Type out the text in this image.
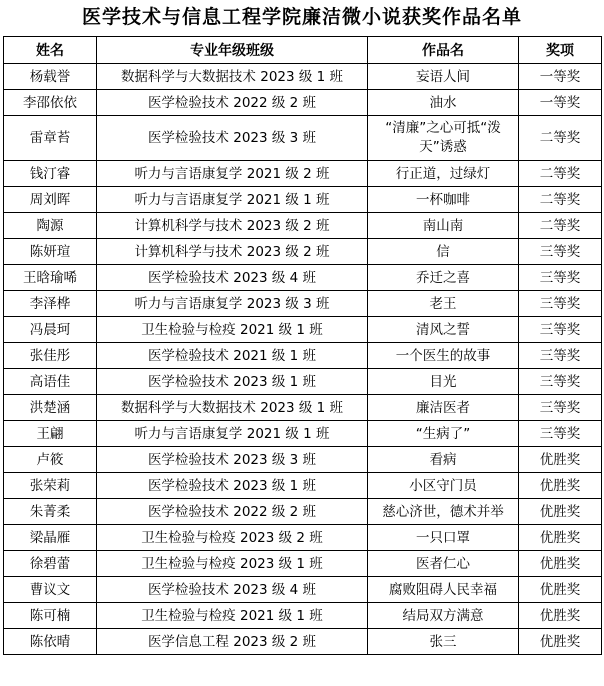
医学技术与信息工程学院廉洁微小说获奖作品名单
姓名	专业年级班级	作品名	奖项
杨载誉	数据科学与大数据技术 2023 级 1 班	妄语人间	一等奖
李邵依依	医学检验技术 2022 级 2 班	油水	一等奖
雷章苔	医学检验技术 2023 级 3 班	“清廉”之心可抵“泼天”诱惑	二等奖
钱汀睿	听力与言语康复学 2021 级 2 班	行正道，过绿灯	二等奖
周刘晖	听力与言语康复学 2021 级 1 班	一杯咖啡	二等奖
陶源	计算机科学与技术 2023 级 2 班	南山南	二等奖
陈妍瑄	计算机科学与技术 2023 级 2 班	信	三等奖
王晗瑜唏	医学检验技术 2023 级 4 班	乔迁之喜	三等奖
李泽桦	听力与言语康复学 2023 级 3 班	老王	三等奖
冯晨珂	卫生检验与检疫 2021 级 1 班	清风之誓	三等奖
张佳彤	医学检验技术 2021 级 1 班	一个医生的故事	三等奖
高语佳	医学检验技术 2023 级 1 班	目光	三等奖
洪楚涵	数据科学与大数据技术 2023 级 1 班	廉洁医者	三等奖
王翩	听力与言语康复学 2021 级 1 班	“生病了”	三等奖
卢筱	医学检验技术 2023 级 3 班	看病	优胜奖
张荣莉	医学检验技术 2023 级 1 班	小区守门员	优胜奖
朱菁柔	医学检验技术 2022 级 2 班	慈心济世，德术并举	优胜奖
梁晶雁	卫生检验与检疫 2023 级 2 班	一只口罩	优胜奖
徐碧蕾	卫生检验与检疫 2023 级 1 班	医者仁心	优胜奖
曹议文	医学检验技术 2023 级 4 班	腐败阻碍人民幸福	优胜奖
陈可楠	卫生检验与检疫 2021 级 1 班	结局双方满意	优胜奖
陈依晴	医学信息工程 2023 级 2 班	张三	优胜奖
